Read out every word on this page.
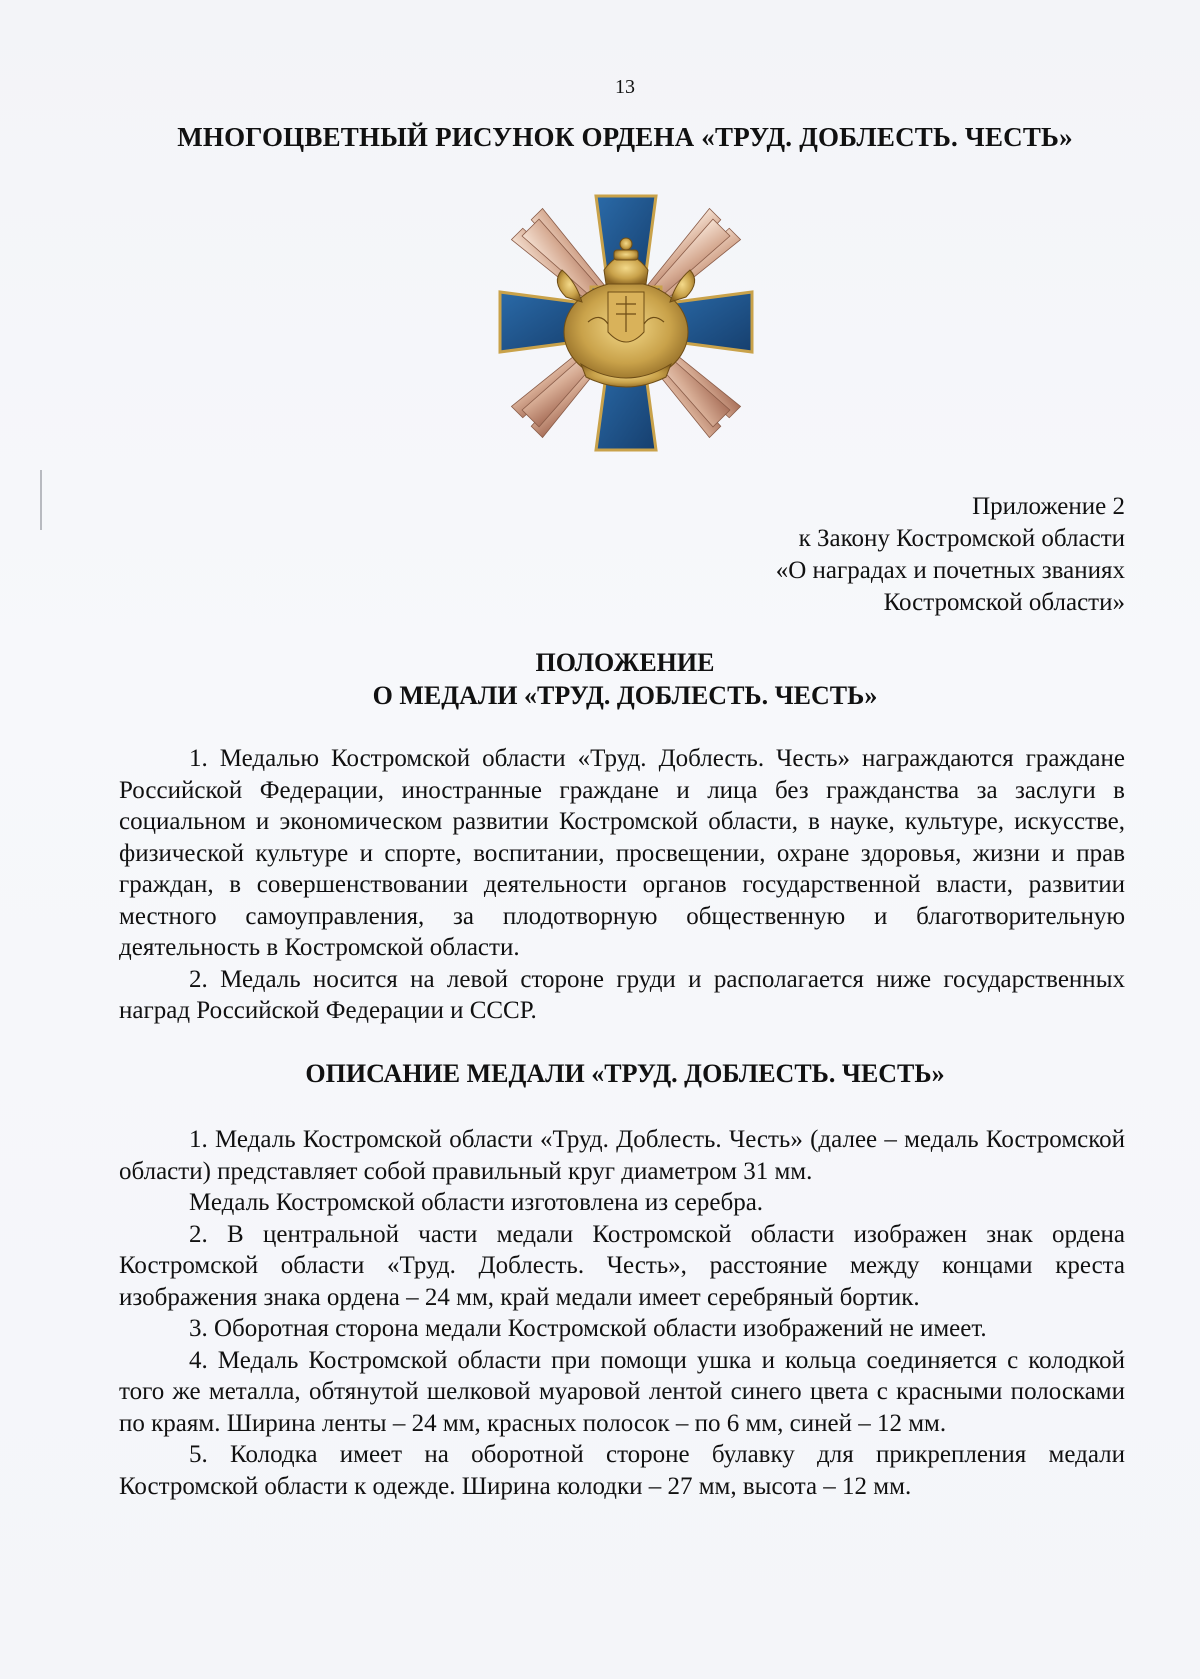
13
МНОГОЦВЕТНЫЙ РИСУНОК ОРДЕНА «ТРУД. ДОБЛЕСТЬ. ЧЕСТЬ»
Приложение 2
к Закону Костромской области
«О наградах и почетных званиях
Костромской области»
ПОЛОЖЕНИЕ
О МЕДАЛИ «ТРУД. ДОБЛЕСТЬ. ЧЕСТЬ»

1. Медалью Костромской области «Труд. Доблесть. Честь» награждаются граждане Российской Федерации, иностранные граждане и лица без гражданства за заслуги в социальном и экономическом развитии Костромской области, в науке, культуре, искусстве, физической культуре и спорте, воспитании, просвещении, охране здоровья, жизни и прав граждан, в совершенствовании деятельности органов государственной власти, развитии местного самоуправления, за плодотворную общественную и благотворительную деятельность в Костромской области.

2. Медаль носится на левой стороне груди и располагается ниже государственных наград Российской Федерации и СССР.

ОПИСАНИЕ МЕДАЛИ «ТРУД. ДОБЛЕСТЬ. ЧЕСТЬ»

1. Медаль Костромской области «Труд. Доблесть. Честь» (далее – медаль Костромской области) представляет собой правильный круг диаметром 31 мм.

Медаль Костромской области изготовлена из серебра.

2. В центральной части медали Костромской области изображен знак ордена Костромской области «Труд. Доблесть. Честь», расстояние между концами креста изображения знака ордена – 24 мм, край медали имеет серебряный бортик.

3. Оборотная сторона медали Костромской области изображений не имеет.

4. Медаль Костромской области при помощи ушка и кольца соединяется с колодкой того же металла, обтянутой шелковой муаровой лентой синего цвета с красными полосками по краям. Ширина ленты – 24 мм, красных полосок – по 6 мм, синей – 12 мм.

5. Колодка имеет на оборотной стороне булавку для прикрепления медали Костромской области к одежде. Ширина колодки – 27 мм, высота – 12 мм.
